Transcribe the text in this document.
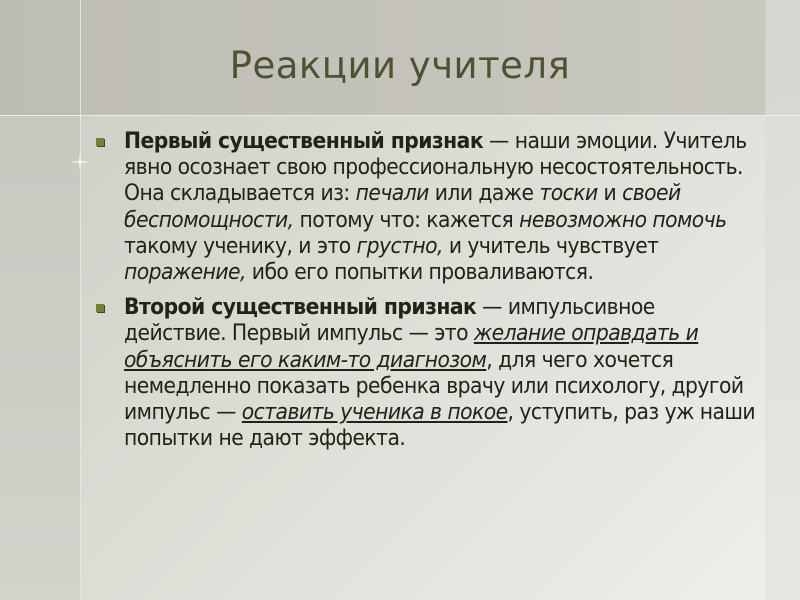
Реакции учителя
Первый существенный признак — наши эмоции. Учитель явно осознает свою профессиональную несостоятельность. Она складывается из: печали или даже тоски и своей беспомощности, потому что: кажется невозможно помочь такому ученику, и это грустно, и учитель чувствует поражение, ибо его попытки проваливаются.
Второй существенный признак — импульсивное действие. Первый импульс — это желание оправдать и объяснить его каким-то диагнозом, для чего хочется немедленно показать ребенка врачу или психологу, другой импульс — оставить ученика в покое, уступить, раз уж наши попытки не дают эффекта.
